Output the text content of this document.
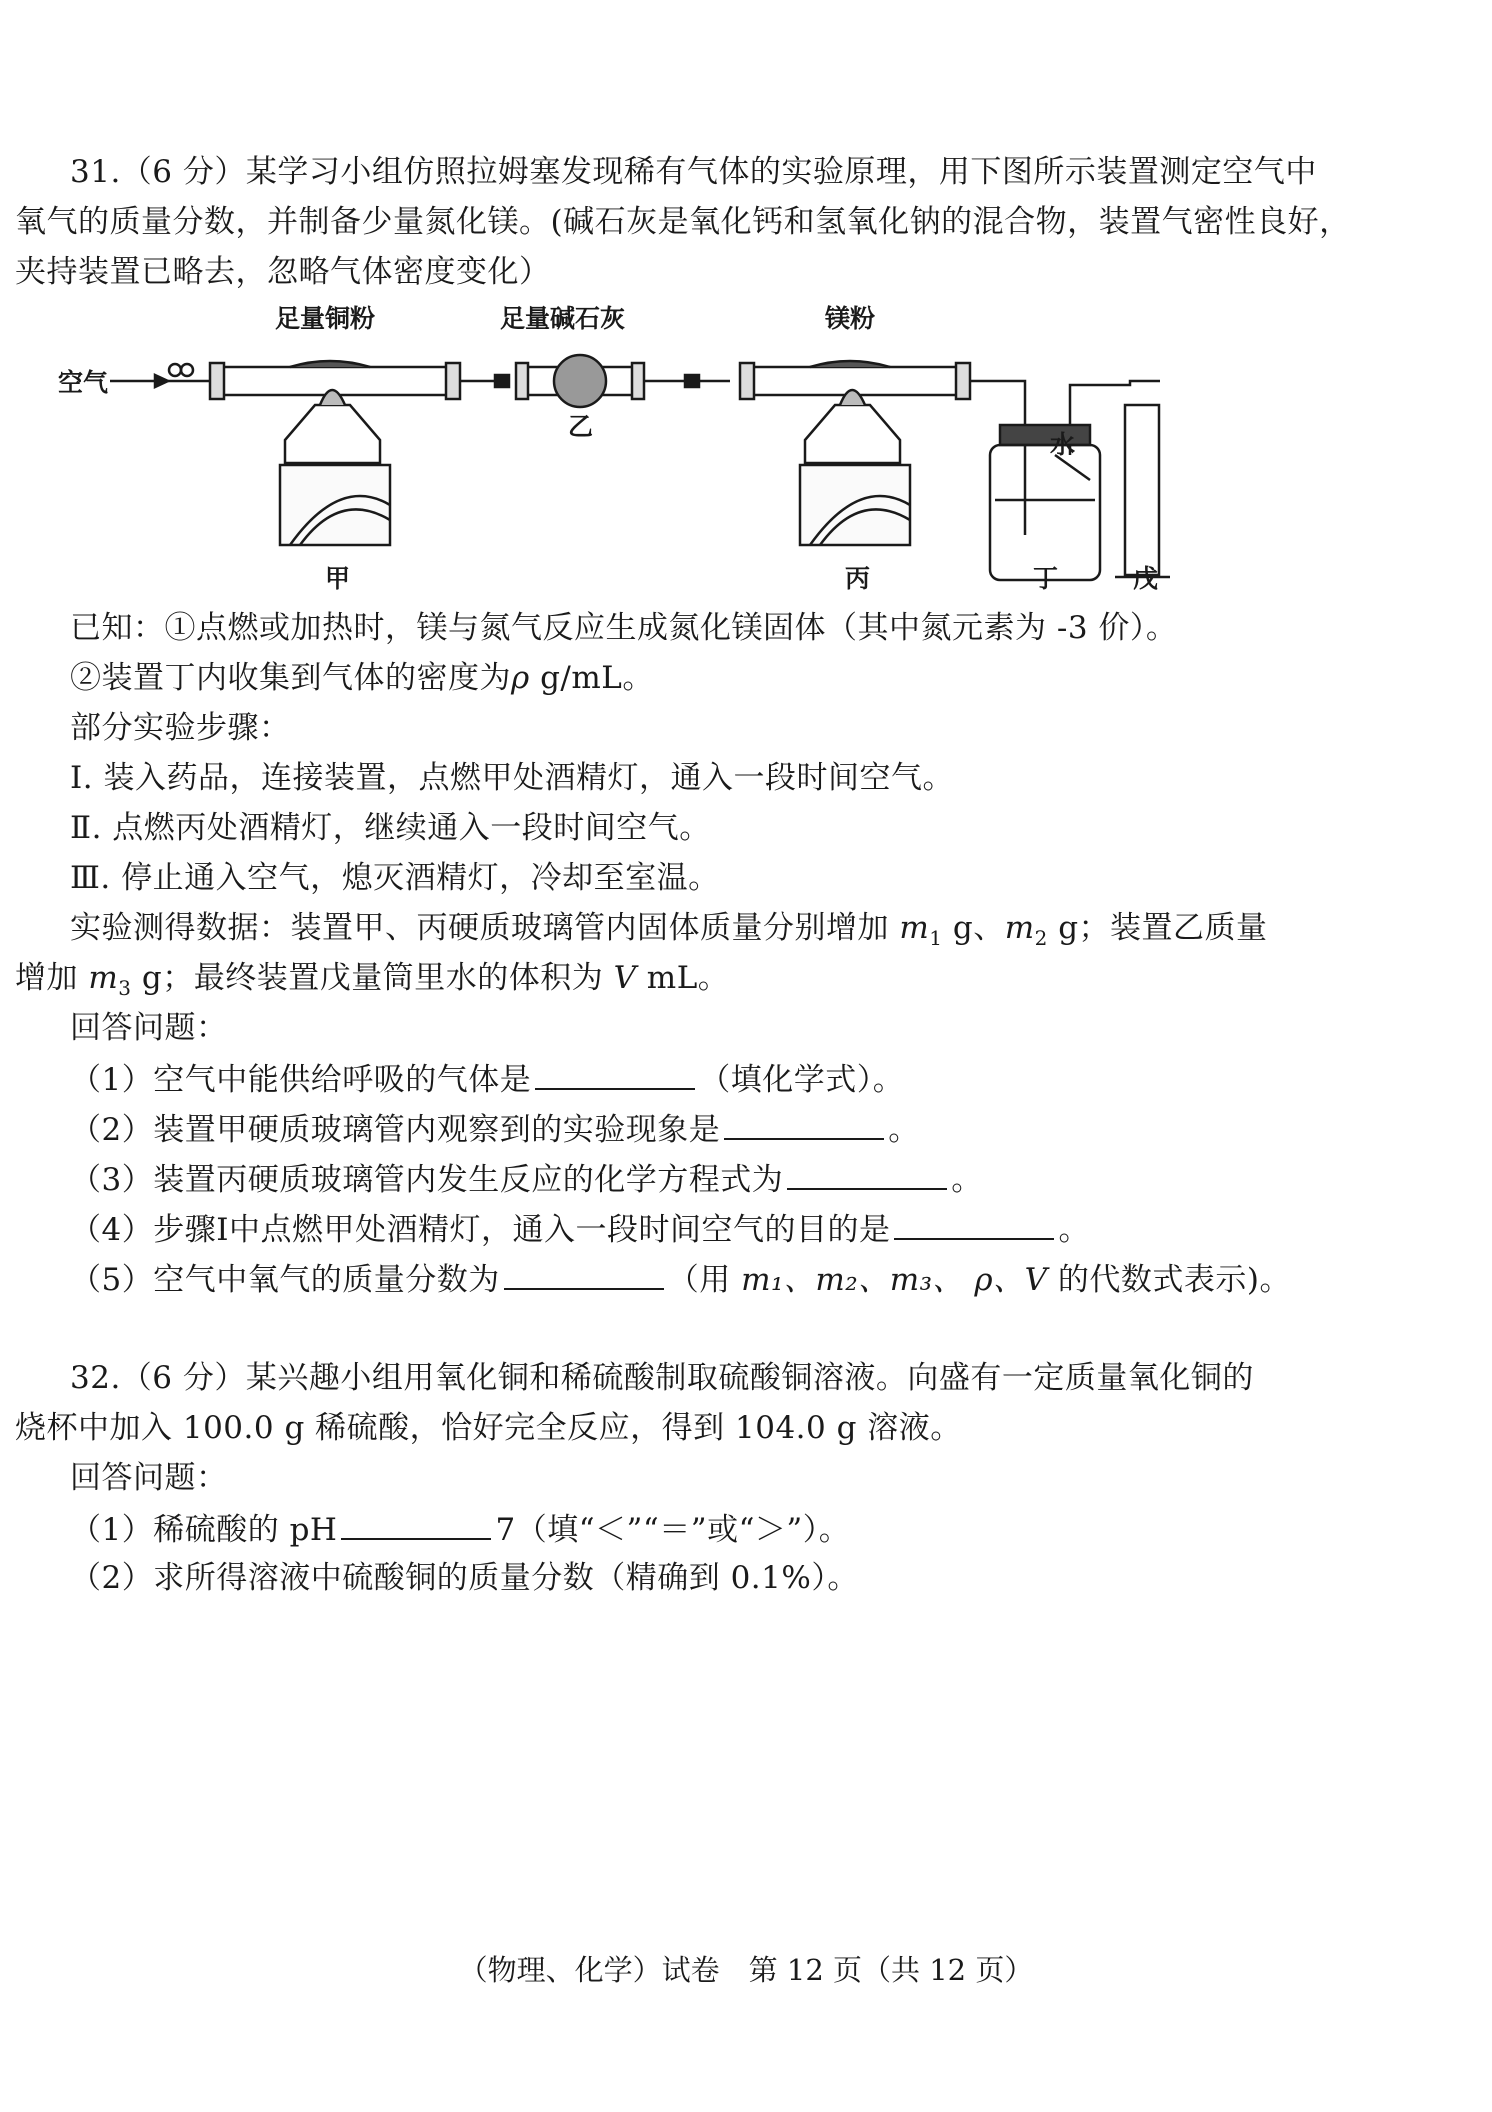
31.（6 分）某学习小组仿照拉姆塞发现稀有气体的实验原理，用下图所示装置测定空气中
氧气的质量分数，并制备少量氮化镁。(碱石灰是氧化钙和氢氧化钠的混合物，装置气密性良好，
夹持装置已略去，忽略气体密度变化）
空气
足量铜粉	足量碱石灰	镁粉
水
甲
乙
丙	丁	戊
已知：①点燃或加热时，镁与氮气反应生成氮化镁固体（其中氮元素为 -3 价）。
②装置丁内收集到气体的密度为ρ g/mL。
部分实验步骤：
Ⅰ. 装入药品，连接装置，点燃甲处酒精灯，通入一段时间空气。
Ⅱ. 点燃丙处酒精灯，继续通入一段时间空气。
Ⅲ. 停止通入空气，熄灭酒精灯，冷却至室温。
实验测得数据：装置甲、丙硬质玻璃管内固体质量分别增加 $m_1$ g、$m_2$ g；装置乙质量
增加 $m_3$ g；最终装置戊量筒里水的体积为 V mL。
回答问题：
（1）空气中能供给呼吸的气体是	（填化学式）。
（2）装置甲硬质玻璃管内观察到的实验现象是	。
（3）装置丙硬质玻璃管内发生反应的化学方程式为	。
（4）步骤Ⅰ中点燃甲处酒精灯，通入一段时间空气的目的是	。
（5）空气中氧气的质量分数为	（用 m₁、m₂、m₃、 ρ、V 的代数式表示)。
32.（6 分）某兴趣小组用氧化铜和稀硫酸制取硫酸铜溶液。向盛有一定质量氧化铜的
烧杯中加入 100.0 g 稀硫酸，恰好完全反应，得到 104.0 g 溶液。
回答问题：
（1）稀硫酸的 pH	7（填“＜”“＝”或“＞”）。
（2）求所得溶液中硫酸铜的质量分数（精确到 0.1%）。
（物理、化学）试卷　第 12 页（共 12 页）
